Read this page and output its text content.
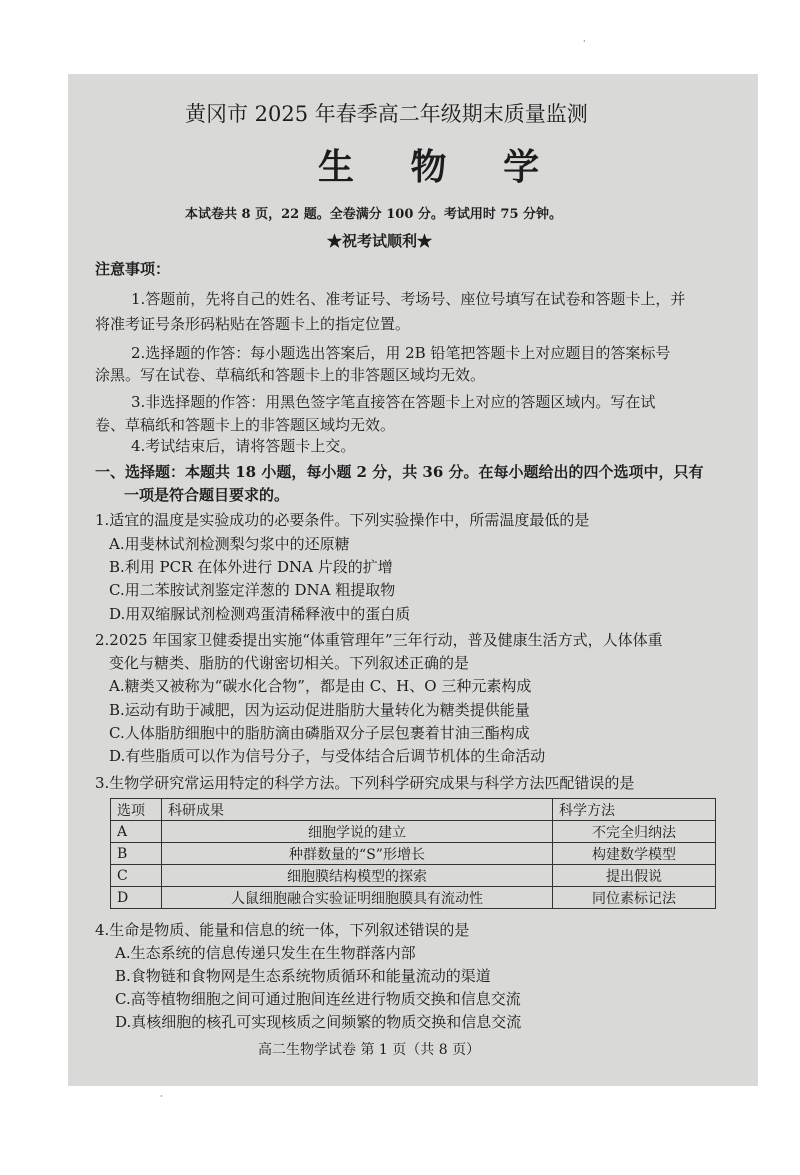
·
黄冈市 2025 年春季高二年级期末质量监测
生 物 学
本试卷共 8 页，22 题。全卷满分 100 分。考试用时 75 分钟。
★祝考试顺利★
注意事项：
1.答题前，先将自己的姓名、准考证号、考场号、座位号填写在试卷和答题卡上，并
将准考证号条形码粘贴在答题卡上的指定位置。
2.选择题的作答：每小题选出答案后，用 2B 铅笔把答题卡上对应题目的答案标号
涂黑。写在试卷、草稿纸和答题卡上的非答题区域均无效。
3.非选择题的作答：用黑色签字笔直接答在答题卡上对应的答题区域内。写在试
卷、草稿纸和答题卡上的非答题区域均无效。
4.考试结束后，请将答题卡上交。
一、选择题：本题共 18 小题，每小题 2 分，共 36 分。在每小题给出的四个选项中，只有
一项是符合题目要求的。
1.适宜的温度是实验成功的必要条件。下列实验操作中，所需温度最低的是
A.用斐林试剂检测梨匀浆中的还原糖
B.利用 PCR 在体外进行 DNA 片段的扩增
C.用二苯胺试剂鉴定洋葱的 DNA 粗提取物
D.用双缩脲试剂检测鸡蛋清稀释液中的蛋白质
2.2025 年国家卫健委提出实施“体重管理年”三年行动，普及健康生活方式，人体体重
变化与糖类、脂肪的代谢密切相关。下列叙述正确的是
A.糖类又被称为“碳水化合物”，都是由 C、H、O 三种元素构成
B.运动有助于减肥，因为运动促进脂肪大量转化为糖类提供能量
C.人体脂肪细胞中的脂肪滴由磷脂双分子层包裹着甘油三酯构成
D.有些脂质可以作为信号分子，与受体结合后调节机体的生命活动
3.生物学研究常运用特定的科学方法。下列科学研究成果与科学方法匹配错误的是
选项	科研成果	科学方法
A	细胞学说的建立	不完全归纳法
B	种群数量的“S”形增长	构建数学模型
C	细胞膜结构模型的探索	提出假说
D	人鼠细胞融合实验证明细胞膜具有流动性	同位素标记法
4.生命是物质、能量和信息的统一体，下列叙述错误的是
A.生态系统的信息传递只发生在生物群落内部
B.食物链和食物网是生态系统物质循环和能量流动的渠道
C.高等植物细胞之间可通过胞间连丝进行物质交换和信息交流
D.真核细胞的核孔可实现核质之间频繁的物质交换和信息交流
高二生物学试卷 第 1 页（共 8 页）
·
